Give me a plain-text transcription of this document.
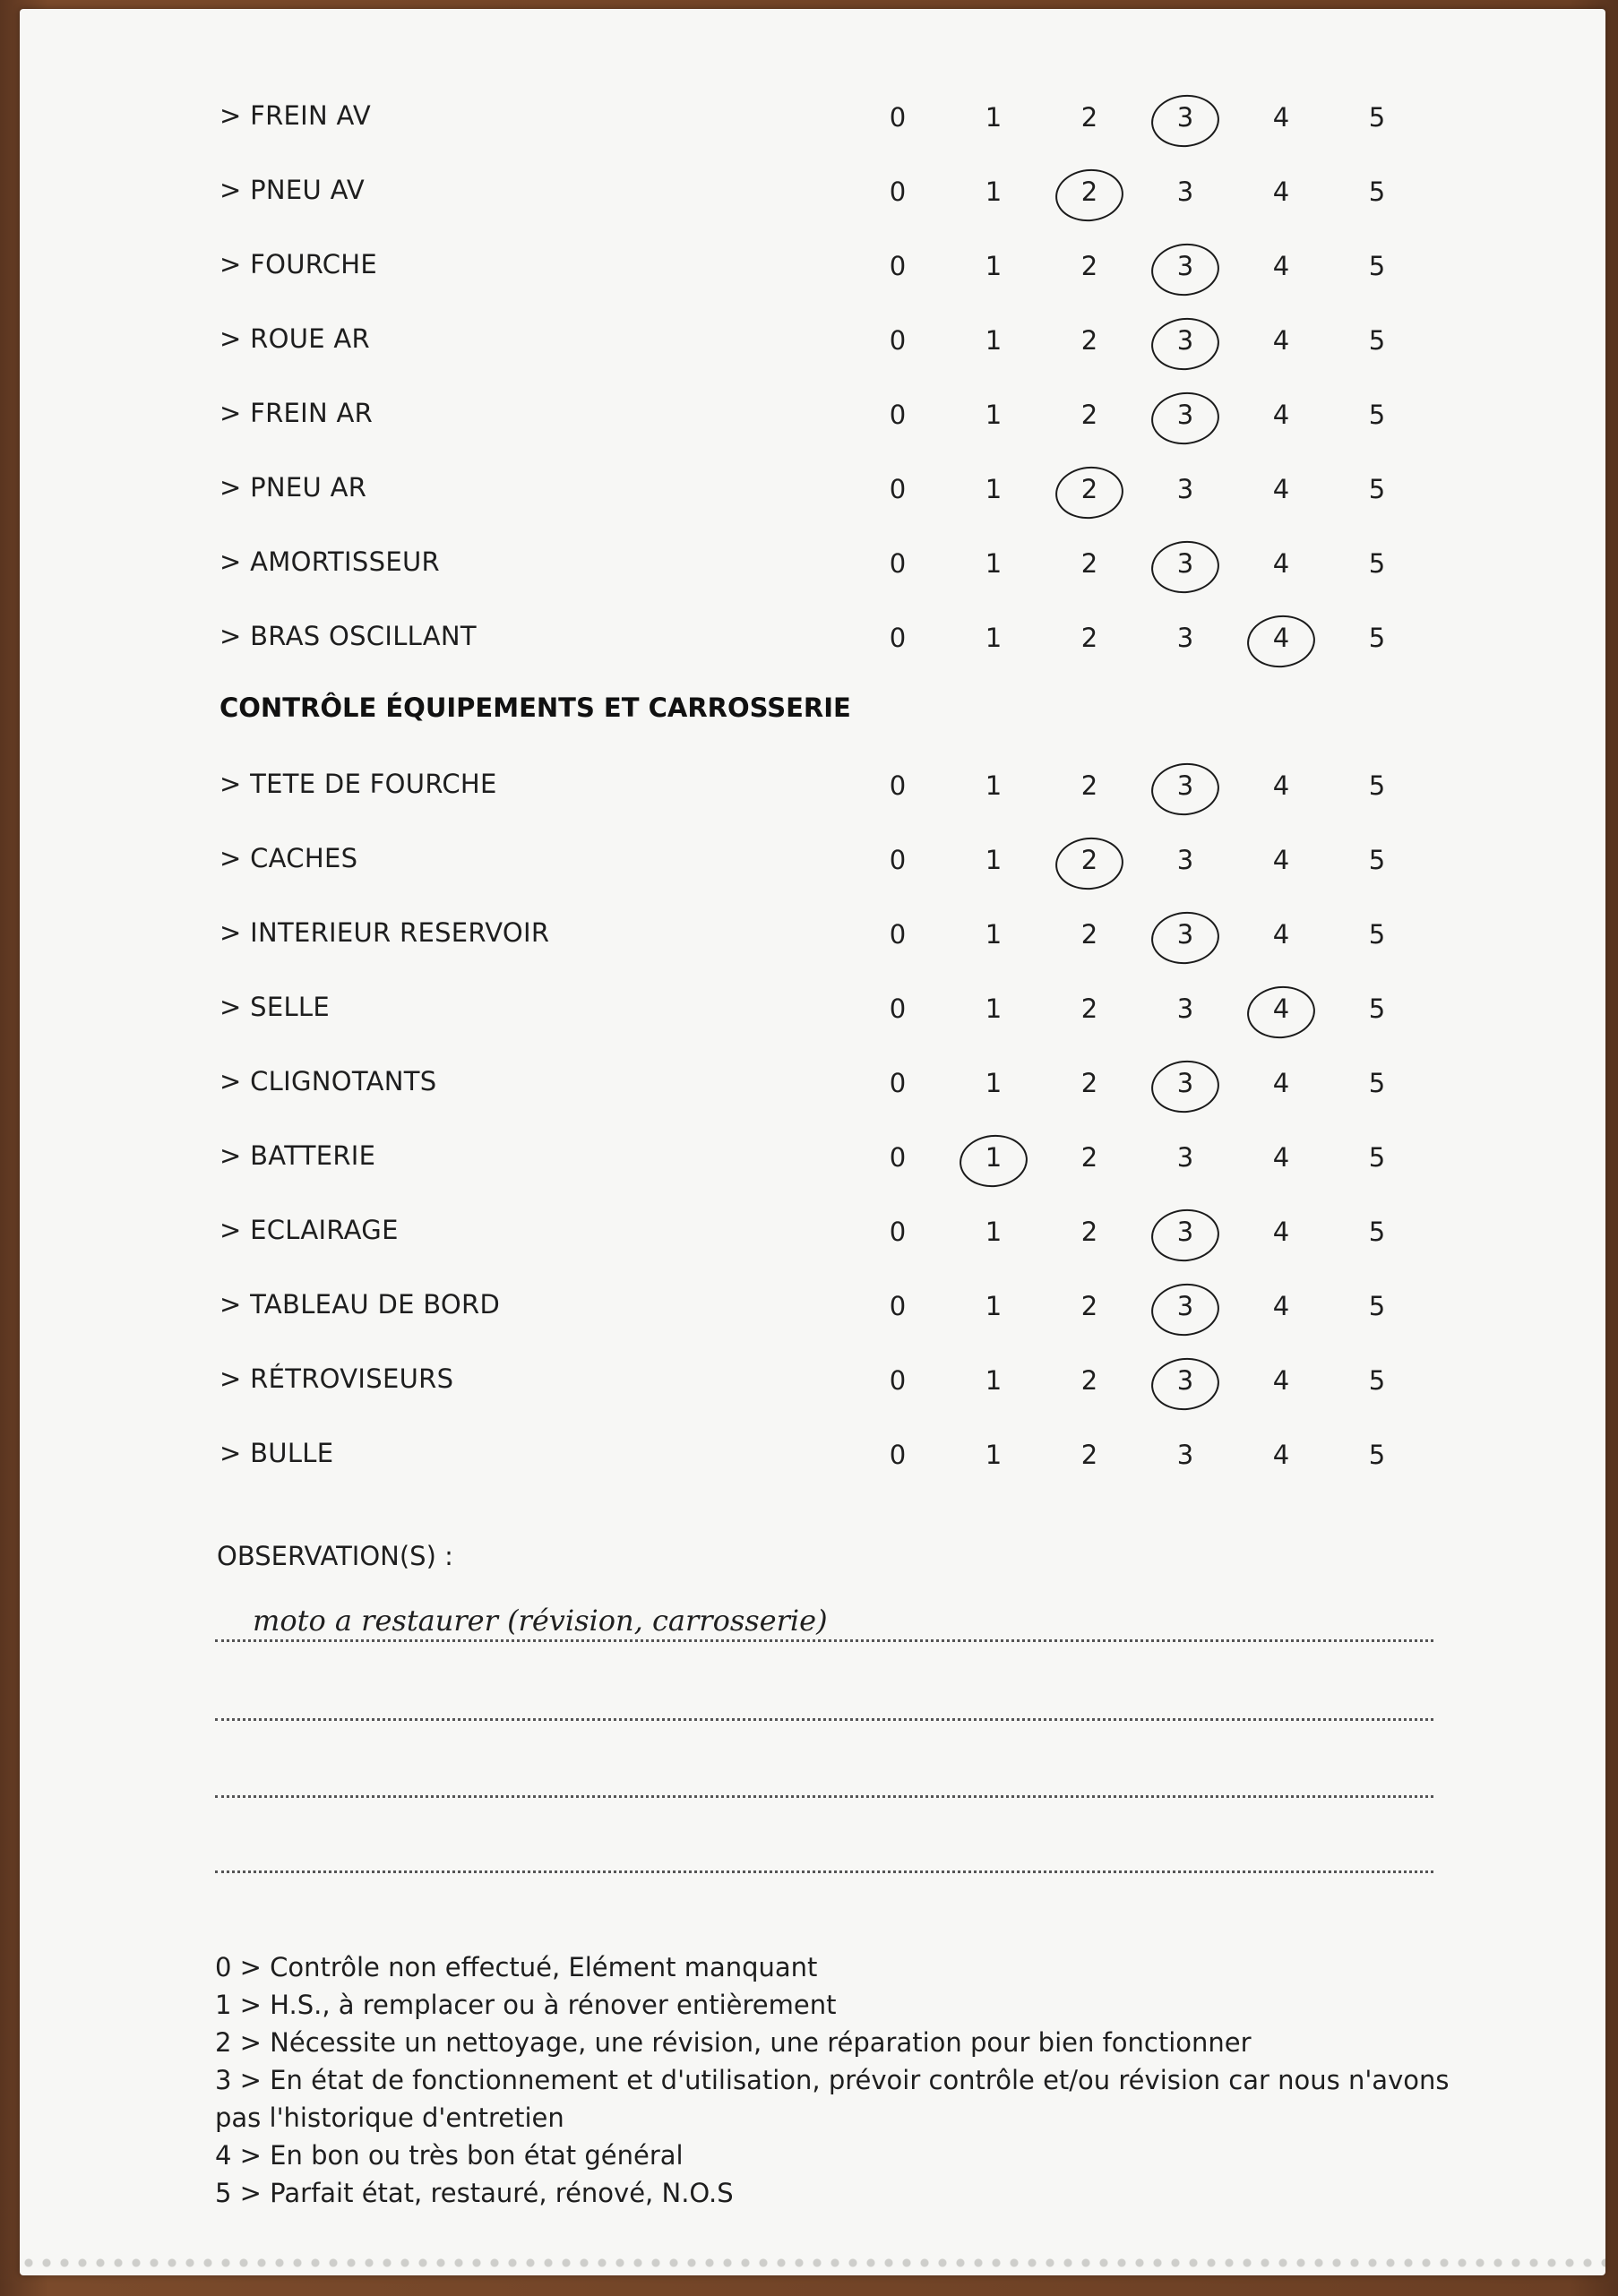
> FREIN AV	0	1	2	3	4	5
> PNEU AV	0	1	2	3	4	5
> FOURCHE	0	1	2	3	4	5
> ROUE AR	0	1	2	3	4	5
> FREIN AR	0	1	2	3	4	5
> PNEU AR	0	1	2	3	4	5
> AMORTISSEUR	0	1	2	3	4	5
> BRAS OSCILLANT	0	1	2	3	4	5
CONTRÔLE ÉQUIPEMENTS ET CARROSSERIE
> TETE DE FOURCHE	0	1	2	3	4	5
> CACHES	0	1	2	3	4	5
> INTERIEUR RESERVOIR	0	1	2	3	4	5
> SELLE	0	1	2	3	4	5
> CLIGNOTANTS	0	1	2	3	4	5
> BATTERIE	0	1	2	3	4	5
> ECLAIRAGE	0	1	2	3	4	5
> TABLEAU DE BORD	0	1	2	3	4	5
> RÉTROVISEURS	0	1	2	3	4	5
> BULLE	0	1	2	3	4	5
OBSERVATION(S) :
moto a restaurer (révision, carrosserie)
0 > Contrôle non effectué, Elément manquant
1 > H.S., à remplacer ou à rénover entièrement
2 > Nécessite un nettoyage, une révision, une réparation pour bien fonctionner
3 > En état de fonctionnement et d'utilisation, prévoir contrôle et/ou révision car nous n'avons pas l'historique d'entretien
4 > En bon ou très bon état général
5 > Parfait état, restauré, rénové, N.O.S
